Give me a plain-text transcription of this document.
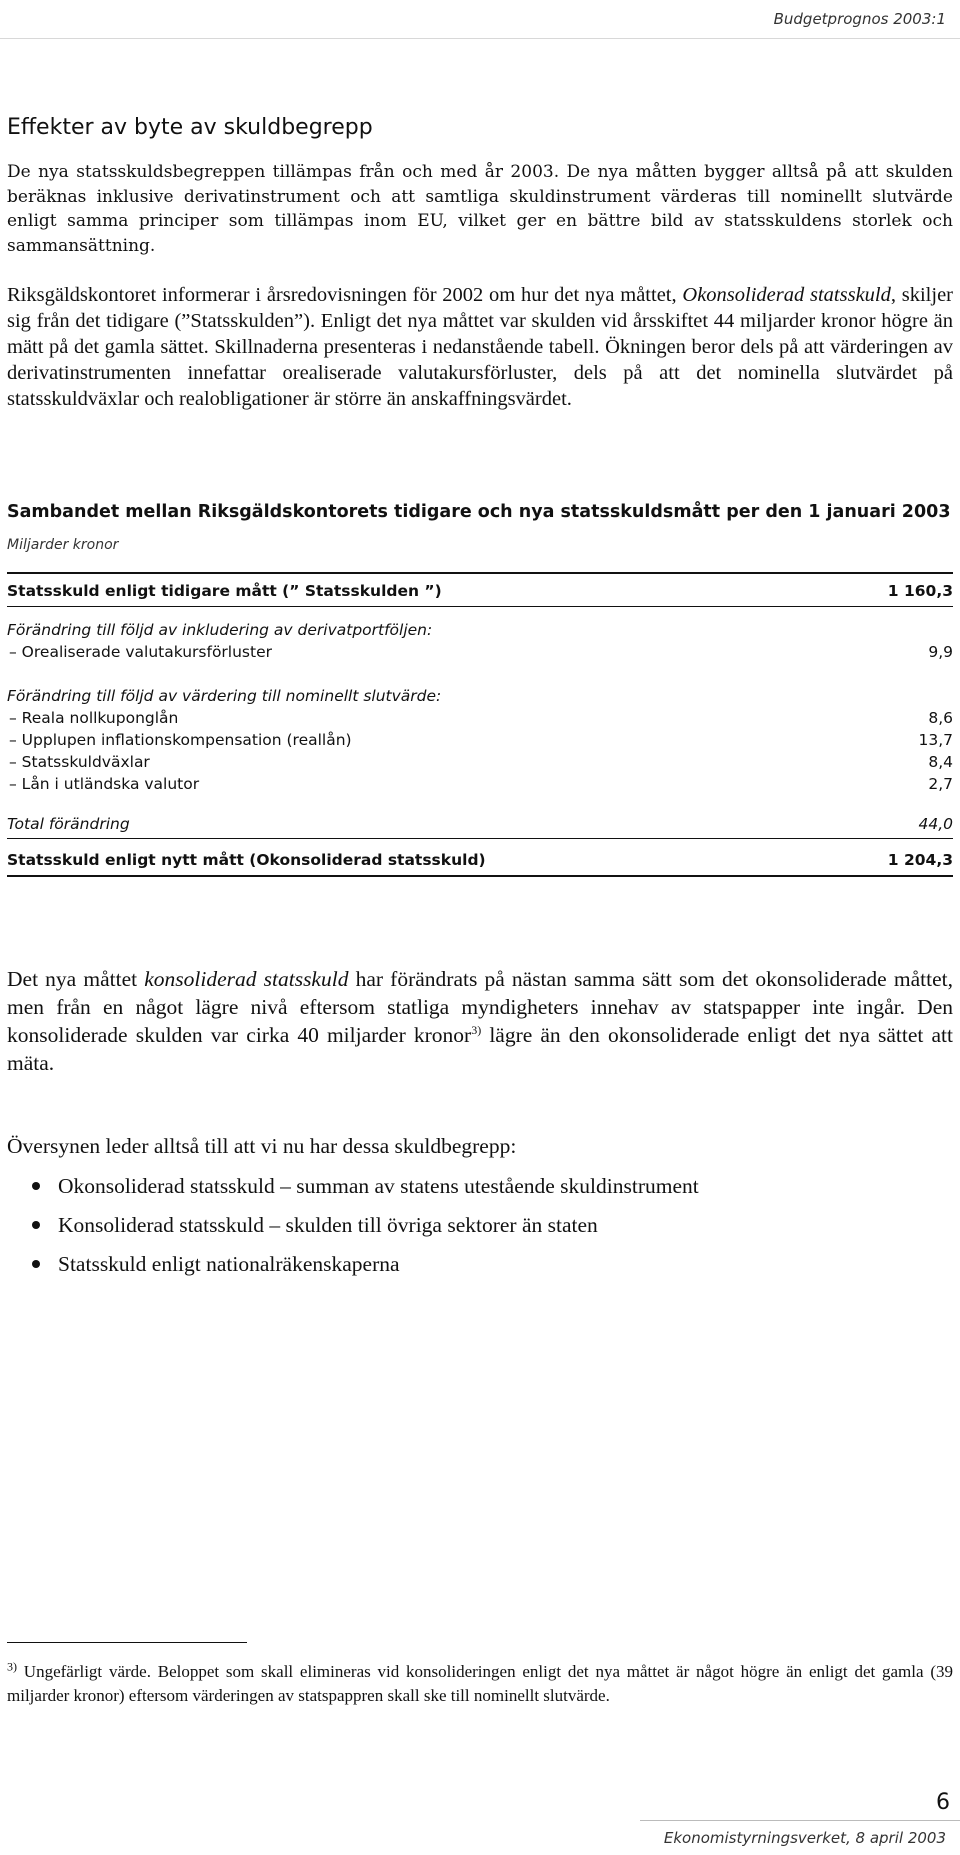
Budgetprognos 2003:1
Effekter av byte av skuldbegrepp

De nya statsskuldsbegreppen tillämpas från och med år 2003. De nya måtten bygger alltså på att skulden beräknas inklusive derivatinstrument och att samtliga skuldinstrument värderas till nominellt slutvärde enligt samma principer som tillämpas inom EU, vilket ger en bättre bild av statsskuldens storlek och sammansättning.

Riksgäldskontoret informerar i årsredovisningen för 2002 om hur det nya måttet, Okonsoliderad statsskuld, skiljer sig från det tidigare (”Statsskulden”). Enligt det nya måttet var skulden vid årsskiftet 44 miljarder kronor högre än mätt på det gamla sättet. Skillnaderna presenteras i nedanstående tabell. Ökningen beror dels på att värderingen av derivatinstrumenten innefattar orealiserade valutakursförluster, dels på att det nominella slutvärdet på statsskuldväxlar och realobligationer är större än anskaffningsvärdet.

Sambandet mellan Riksgäldskontorets tidigare och nya statsskuldsmått per den 1 januari 2003

Miljarder kronor
Statsskuld enligt tidigare mått (” Statsskulden ”)	1 160,3
Förändring till följd av inkludering av derivatportföljen:
– Orealiserade valutakursförluster	9,9
Förändring till följd av värdering till nominellt slutvärde:
– Reala nollkuponglån	8,6
– Upplupen inflationskompensation (reallån)	13,7
– Statsskuldväxlar	8,4
– Lån i utländska valutor	2,7
Total förändring	44,0
Statsskuld enligt nytt mått (Okonsoliderad statsskuld)	1 204,3

Det nya måttet konsoliderad statsskuld har förändrats på nästan samma sätt som det okonsoliderade måttet, men från en något lägre nivå eftersom statliga myndigheters innehav av statspapper inte ingår. Den konsoliderade skulden var cirka 40 miljarder kronor$^{3)}$ lägre än den okonsoliderade enligt det nya sättet att mäta.

Översynen leder alltså till att vi nu har dessa skuldbegrepp:

Okonsoliderad statsskuld – summan av statens utestående skuldinstrument
Konsoliderad statsskuld – skulden till övriga sektorer än staten
Statsskuld enligt nationalräkenskaperna

$^{3)}$ Ungefärligt värde. Beloppet som skall elimineras vid konsolideringen enligt det nya måttet är något högre än enligt det gamla (39 miljarder kronor) eftersom värderingen av statspappren skall ske till nominellt slutvärde.

6
Ekonomistyrningsverket, 8 april 2003
